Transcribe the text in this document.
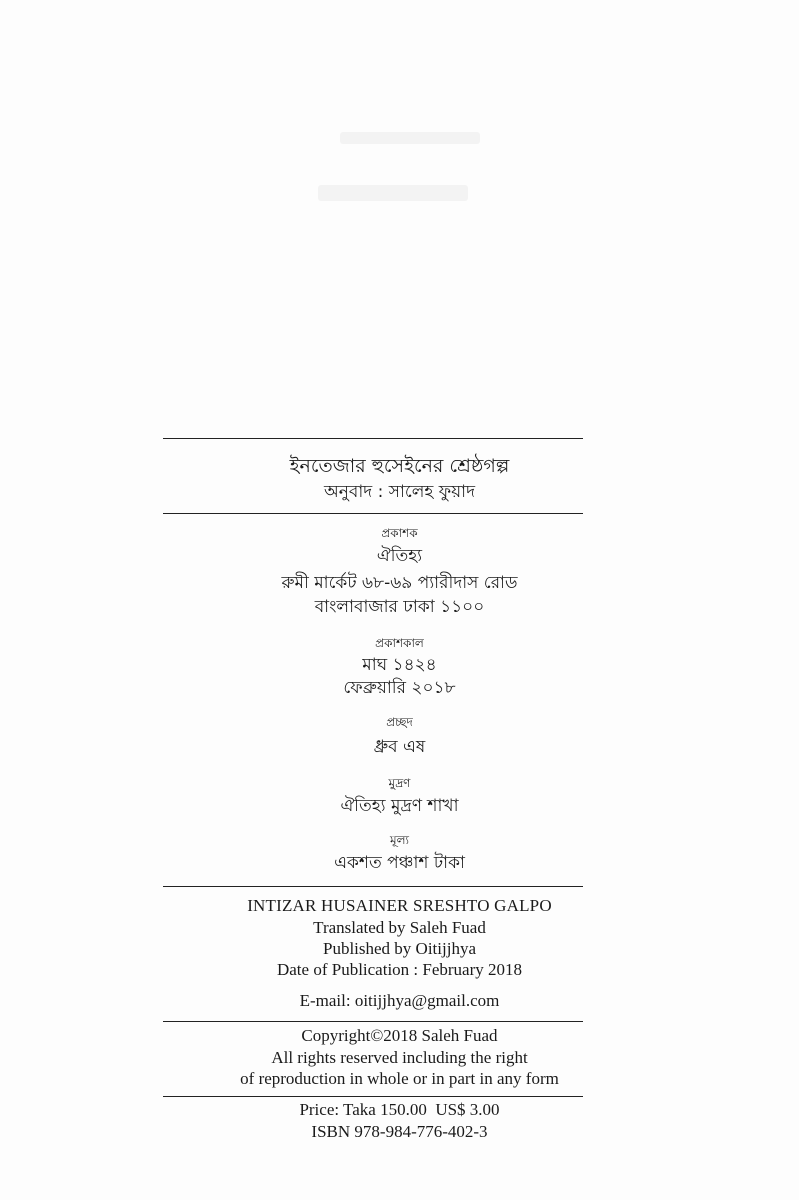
ইনতেজার হুসেইনের শ্রেষ্ঠগল্প
অনুবাদ : সালেহ ফুয়াদ
প্রকাশক
ঐতিহ্য
রুমী মার্কেট ৬৮-৬৯ প্যারীদাস রোড
বাংলাবাজার ঢাকা ১১০০
প্রকাশকাল
মাঘ ১৪২৪
ফেব্রুয়ারি ২০১৮
প্রচ্ছদ
ধ্রুব এষ
মুদ্রণ
ঐতিহ্য মুদ্রণ শাখা
মূল্য
একশত পঞ্চাশ টাকা
INTIZAR HUSAINER SRESHTO GALPO
Translated by Saleh Fuad
Published by Oitijjhya
Date of Publication : February 2018
E-mail: oitijjhya@gmail.com
Copyright©2018 Saleh Fuad
All rights reserved including the right
of reproduction in whole or in part in any form
Price: Taka 150.00  US$ 3.00
ISBN 978-984-776-402-3
